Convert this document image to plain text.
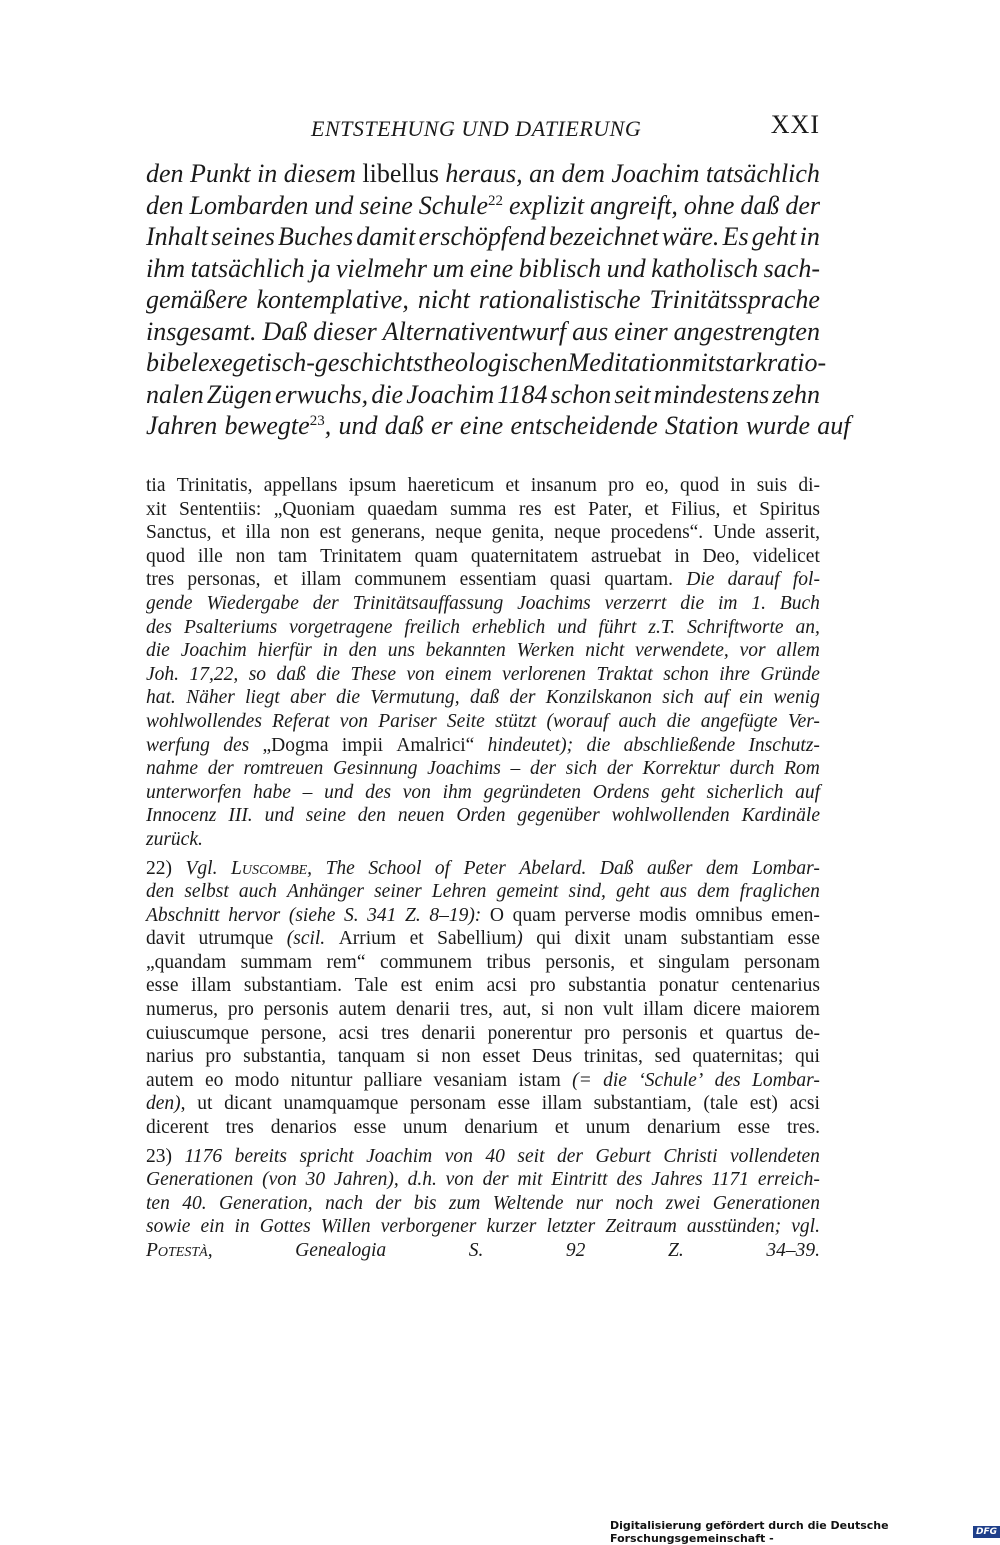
ENTSTEHUNG UND DATIERUNG	XXI
den Punkt in diesem libellus heraus, an dem Joachim tatsächlich
den Lombarden und seine Schule$^{22}$ explizit angreift, ohne daß der
Inhalt seines Buches damit erschöpfend bezeichnet wäre. Es geht in
ihm tatsächlich ja vielmehr um eine biblisch und katholisch sach-
gemäßere kontemplative, nicht rationalistische Trinitätssprache
insgesamt. Daß dieser Alternativentwurf aus einer angestrengten
bibelexegetisch-geschichtstheologischen Meditation mit stark ratio-
nalen Zügen erwuchs, die Joachim 1184 schon seit mindestens zehn
Jahren bewegte$^{23}$, und daß er eine entscheidende Station wurde auf
tia Trinitatis, appellans ipsum haereticum et insanum pro eo, quod in suis di-
xit Sententiis: „Quoniam quaedam summa res est Pater, et Filius, et Spiritus
Sanctus, et illa non est generans, neque genita, neque procedens“. Unde asserit,
quod ille non tam Trinitatem quam quaternitatem astruebat in Deo, videlicet
tres personas, et illam communem essentiam quasi quartam. Die darauf fol-
gende Wiedergabe der Trinitätsauffassung Joachims verzerrt die im 1. Buch
des Psalteriums vorgetragene freilich erheblich und führt z.T. Schriftworte an,
die Joachim hierfür in den uns bekannten Werken nicht verwendete, vor allem
Joh. 17,22, so daß die These von einem verlorenen Traktat schon ihre Gründe
hat. Näher liegt aber die Vermutung, daß der Konzilskanon sich auf ein wenig
wohlwollendes Referat von Pariser Seite stützt (worauf auch die angefügte Ver-
werfung des „Dogma impii Amalrici“ hindeutet); die abschließende Inschutz-
nahme der romtreuen Gesinnung Joachims – der sich der Korrektur durch Rom
unterworfen habe – und des von ihm gegründeten Ordens geht sicherlich auf
Innocenz III. und seine den neuen Orden gegenüber wohlwollenden Kardinäle
zurück.
22) Vgl. Luscombe, The School of Peter Abelard. Daß außer dem Lombar-
den selbst auch Anhänger seiner Lehren gemeint sind, geht aus dem fraglichen
Abschnitt hervor (siehe S. 341 Z. 8–19): O quam perverse modis omnibus emen-
davit utrumque (scil. Arrium et Sabellium) qui dixit unam substantiam esse
„quandam summam rem“ communem tribus personis, et singulam personam
esse illam substantiam. Tale est enim acsi pro substantia ponatur centenarius
numerus, pro personis autem denarii tres, aut, si non vult illam dicere maiorem
cuiuscumque persone, acsi tres denarii ponerentur pro personis et quartus de-
narius pro substantia, tanquam si non esset Deus trinitas, sed quaternitas; qui
autem eo modo nituntur palliare vesaniam istam (= die ‘Schule’ des Lombar-
den), ut dicant unamquamque personam esse illam substantiam, (tale est) acsi
dicerent tres denarios esse unum denarium et unum denarium esse tres.
23) 1176 bereits spricht Joachim von 40 seit der Geburt Christi vollendeten
Generationen (von 30 Jahren), d.h. von der mit Eintritt des Jahres 1171 erreich-
ten 40. Generation, nach der bis zum Weltende nur noch zwei Generationen
sowie ein in Gottes Willen verborgener kurzer letzter Zeitraum ausstünden; vgl.
Potestà,	Genealogia	S.	92	Z.	34–39.
Digitalisierung gefördert durch die Deutsche Forschungsgemeinschaft -	DFG
